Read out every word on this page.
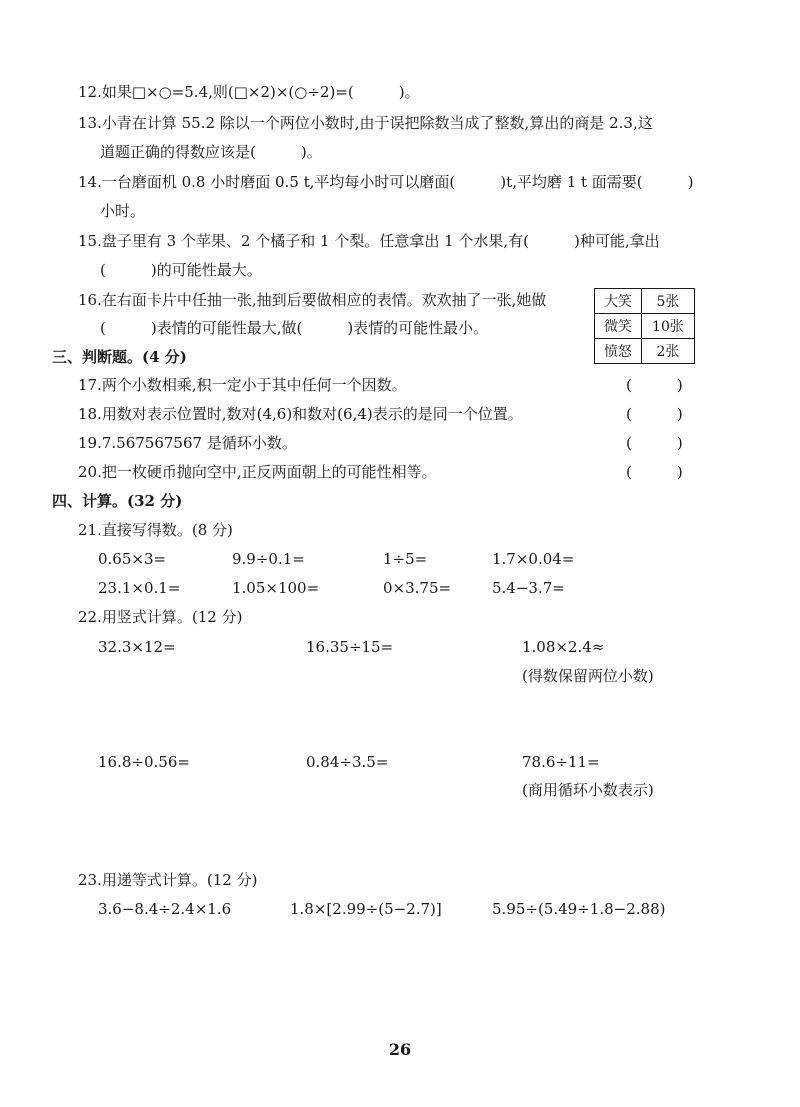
12.如果□×○=5.4,则(□×2)×(○÷2)=(　　　)。
13.小青在计算 55.2 除以一个两位小数时,由于误把除数当成了整数,算出的商是 2.3,这
道题正确的得数应该是(　　　)。
14.一台磨面机 0.8 小时磨面 0.5 t,平均每小时可以磨面(　　　)t,平均磨 1 t 面需要(　　　)
小时。
15.盘子里有 3 个苹果、2 个橘子和 1 个梨。任意拿出 1 个水果,有(　　　)种可能,拿出
(　　　)的可能性最大。
16.在右面卡片中任抽一张,抽到后要做相应的表情。欢欢抽了一张,她做
(　　　)表情的可能性最大,做(　　　)表情的可能性最小。
大笑	5张
微笑	10张
愤怒	2张
三、判断题。(4 分)
17.两个小数相乘,积一定小于其中任何一个因数。	(　　　)
18.用数对表示位置时,数对(4,6)和数对(6,4)表示的是同一个位置。	(　　　)
19.7.567567567 是循环小数。	(　　　)
20.把一枚硬币抛向空中,正反两面朝上的可能性相等。	(　　　)
四、计算。(32 分)
21.直接写得数。(8 分)
0.65×3=	9.9÷0.1=	1÷5=	1.7×0.04=
23.1×0.1=	1.05×100=	0×3.75=	5.4−3.7=
22.用竖式计算。(12 分)
32.3×12=	16.35÷15=	1.08×2.4≈
(得数保留两位小数)
16.8÷0.56=	0.84÷3.5=	78.6÷11=
(商用循环小数表示)
23.用递等式计算。(12 分)
3.6−8.4÷2.4×1.6	1.8×[2.99÷(5−2.7)]	5.95÷(5.49÷1.8−2.88)
26
